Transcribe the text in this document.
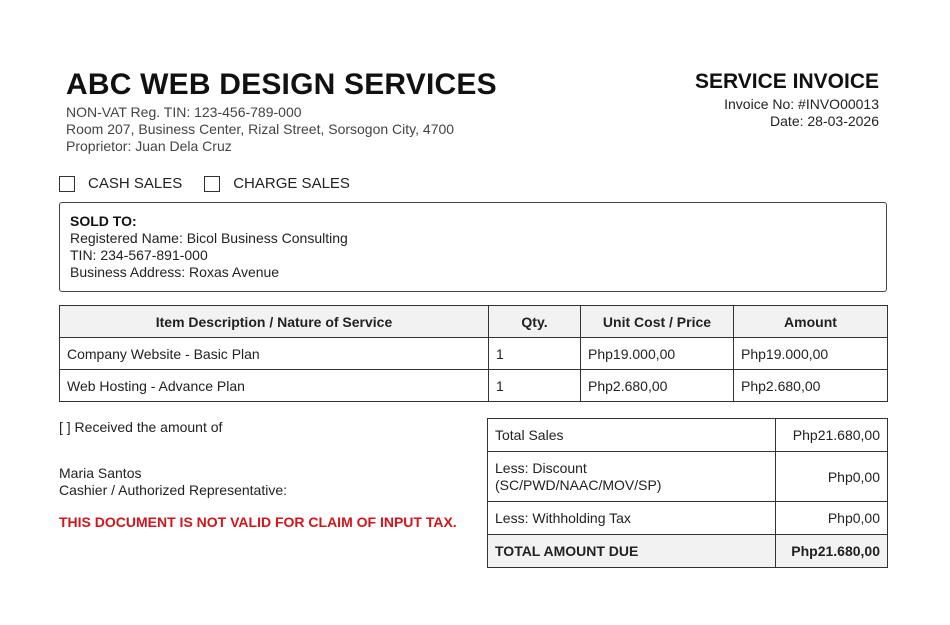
ABC WEB DESIGN SERVICES
NON-VAT Reg. TIN: 123-456-789-000
Room 207, Business Center, Rizal Street, Sorsogon City, 4700
Proprietor: Juan Dela Cruz
SERVICE INVOICE
Invoice No: #INVO00013
Date: 28-03-2026
CASH SALES	CHARGE SALES
SOLD TO:
Registered Name: Bicol Business Consulting
TIN: 234-567-891-000
Business Address: Roxas Avenue
Item Description / Nature of Service	Qty.	Unit Cost / Price	Amount
Company Website - Basic Plan	1	Php19.000,00	Php19.000,00
Web Hosting - Advance Plan	1	Php2.680,00	Php2.680,00
[ ] Received the amount of
Maria Santos
Cashier / Authorized Representative:
THIS DOCUMENT IS NOT VALID FOR CLAIM OF INPUT TAX.
Total Sales	Php21.680,00

Less: Discount
(SC/PWD/NAAC/MOV/SP)	Php0,00
Less: Withholding Tax	Php0,00
TOTAL AMOUNT DUE	Php21.680,00
